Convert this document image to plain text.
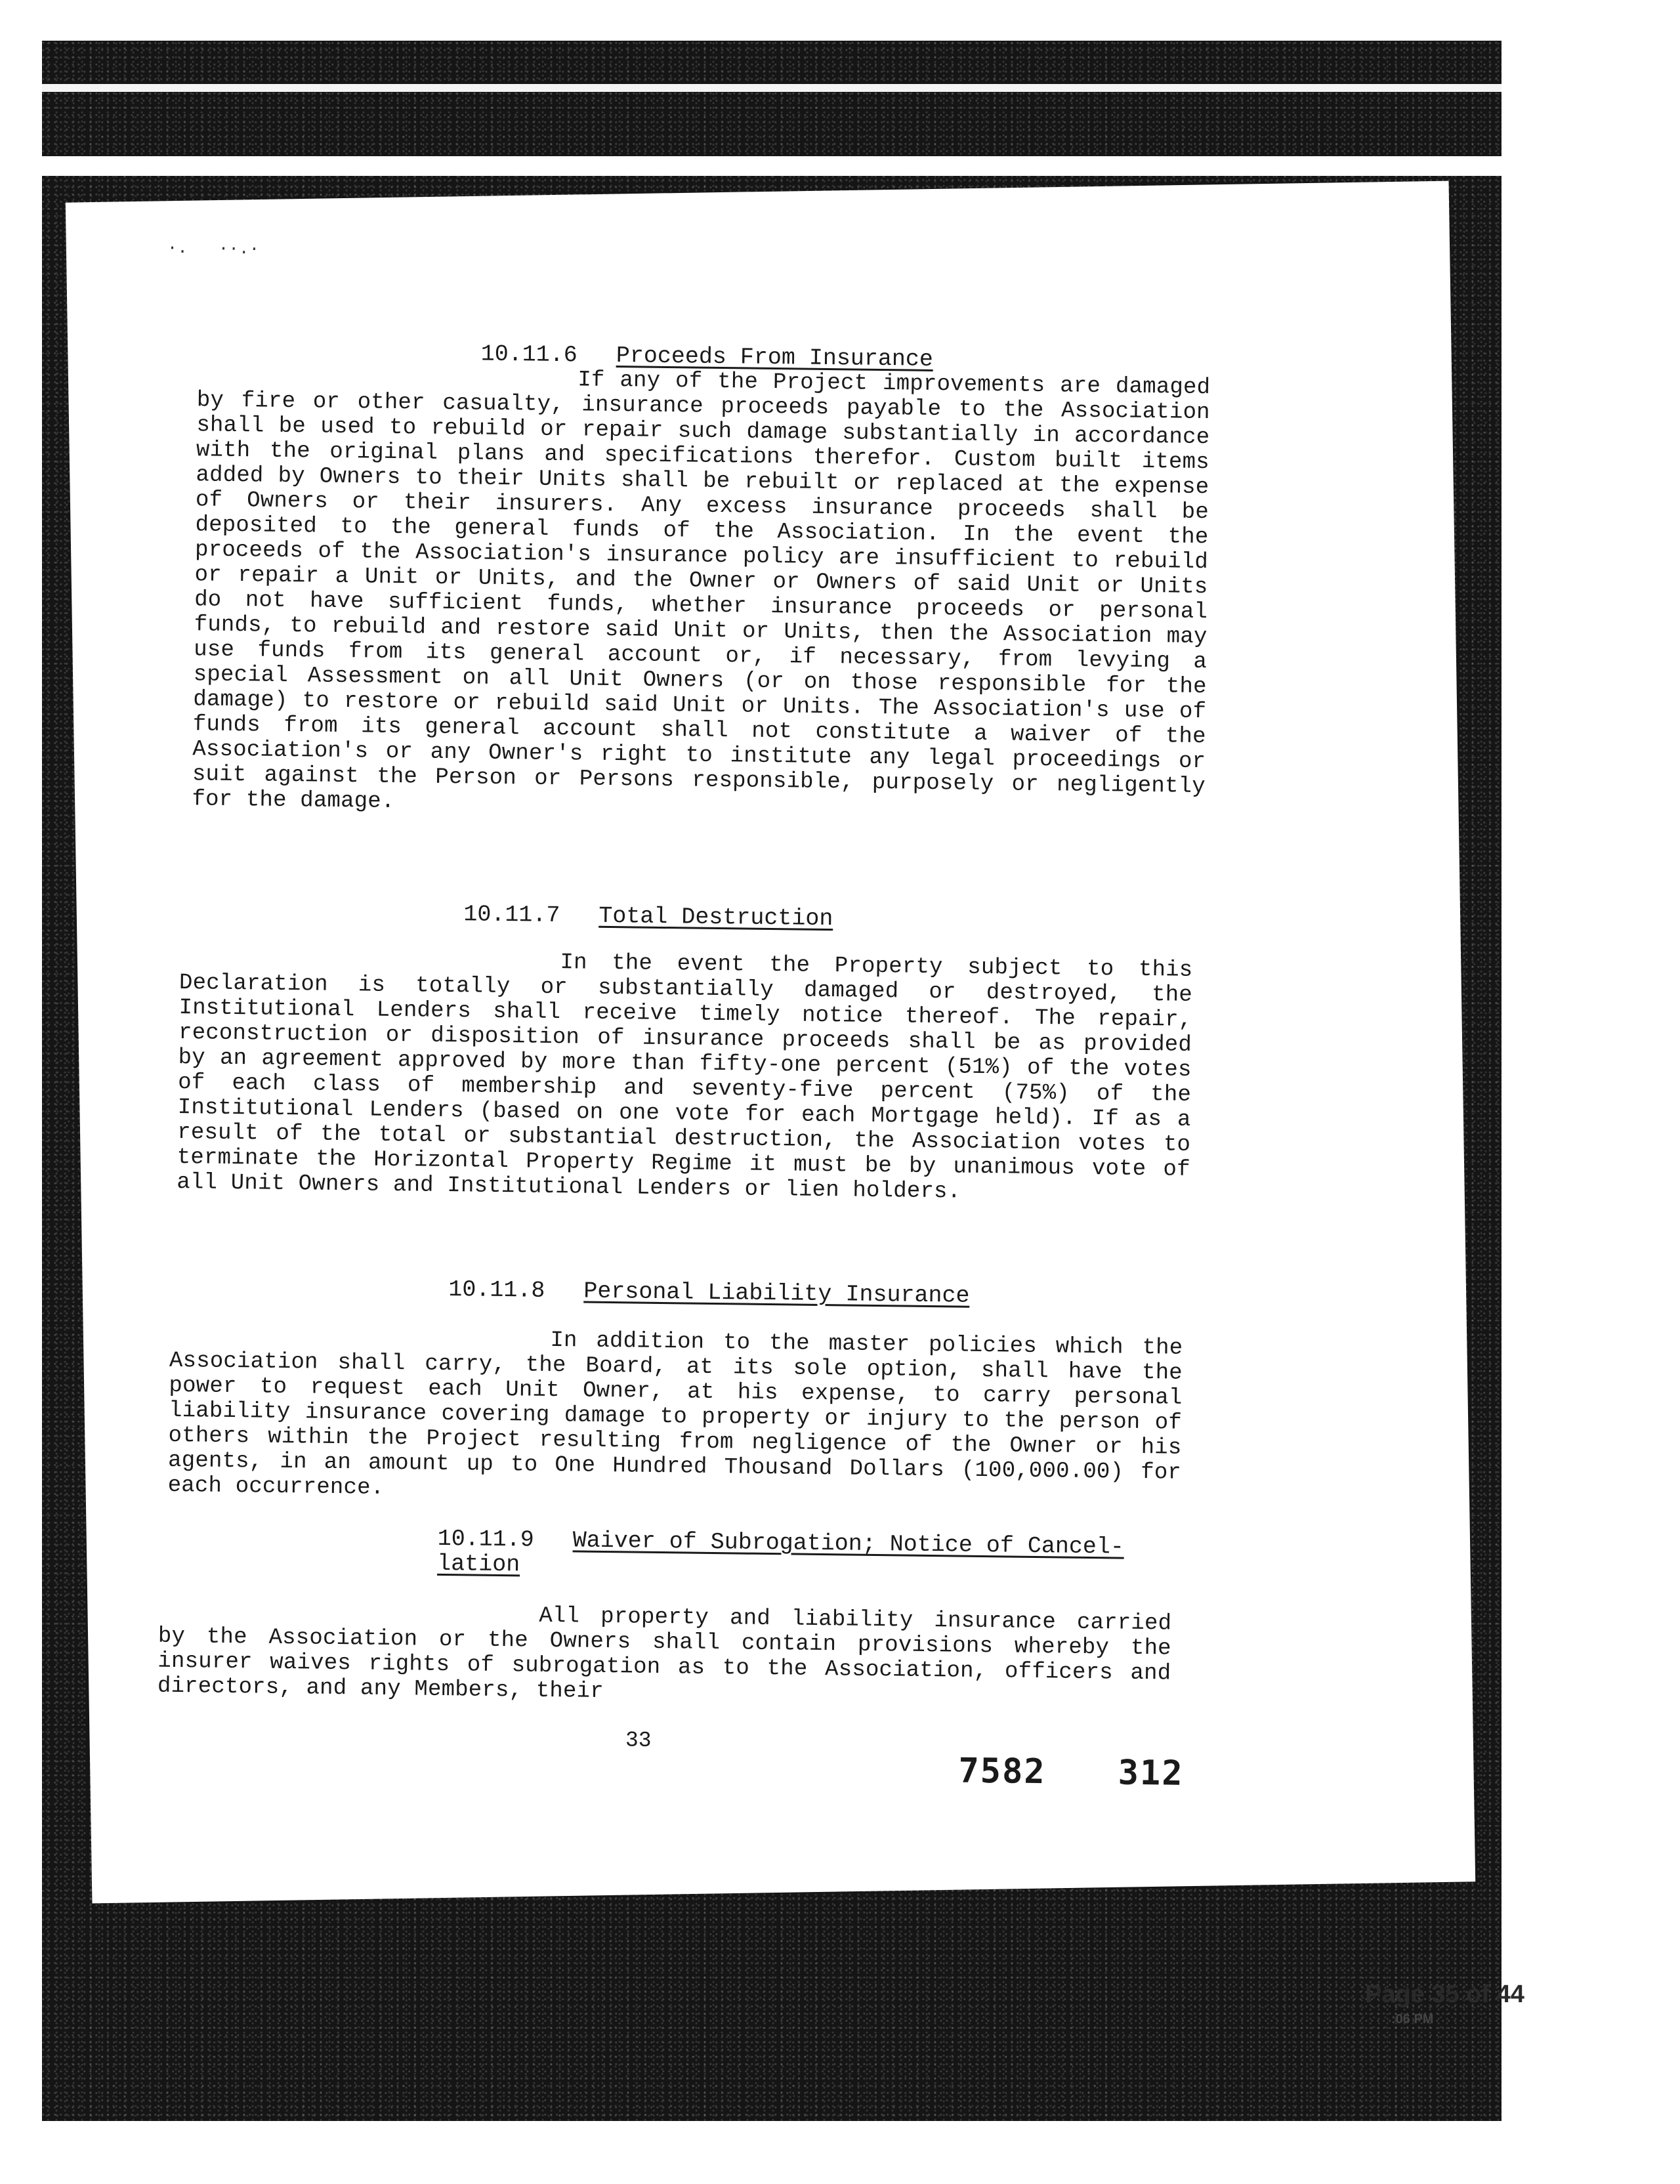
·.   ··.·
10.11.6 Proceeds From Insurance

If any of the Project improvements are damaged by fire or other casualty, insurance proceeds payable to the Association shall be used to rebuild or repair such damage substantially in accordance with the original plans and specifications therefor. Custom built items added by Owners to their Units shall be rebuilt or replaced at the expense of Owners or their insurers. Any excess insurance proceeds shall be deposited to the general funds of the Association. In the event the proceeds of the Association's insurance policy are insufficient to rebuild or repair a Unit or Units, and the Owner or Owners of said Unit or Units do not have sufficient funds, whether insurance proceeds or personal funds, to rebuild and restore said Unit or Units, then the Association may use funds from its general account or, if necessary, from levying a special Assessment on all Unit Owners (or on those responsible for the damage) to restore or rebuild said Unit or Units. The Association's use of funds from its general account shall not constitute a waiver of the Association's or any Owner's right to institute any legal proceedings or suit against the Person or Persons responsible, purposely or negligently for the damage.

10.11.7 Total Destruction

In the event the Property subject to this Declaration is totally or substantially damaged or destroyed, the Institutional Lenders shall receive timely notice thereof. The repair, reconstruction or disposition of insurance proceeds shall be as provided by an agreement approved by more than fifty-one percent (51%) of the votes of each class of membership and seventy-five percent (75%) of the Institutional Lenders (based on one vote for each Mortgage held). If as a result of the total or substantial destruction, the Association votes to terminate the Horizontal Property Regime it must be by unanimous vote of all Unit Owners and Institutional Lenders or lien holders.

10.11.8 Personal Liability Insurance

In addition to the master policies which the Association shall carry, the Board, at its sole option, shall have the power to request each Unit Owner, at his expense, to carry personal liability insurance covering damage to property or injury to the person of others within the Project resulting from negligence of the Owner or his agents, in an amount up to One Hundred Thousand Dollars (100,000.00) for each occurrence.

10.11.9 Waiver of Subrogation; Notice of Cancel-lation

All property and liability insurance carried by the Association or the Owners shall contain provisions whereby the insurer waives rights of subrogation as to the Association, officers and directors, and any Members, their

33
7582 312
Page 35 of 44
:06 PM
